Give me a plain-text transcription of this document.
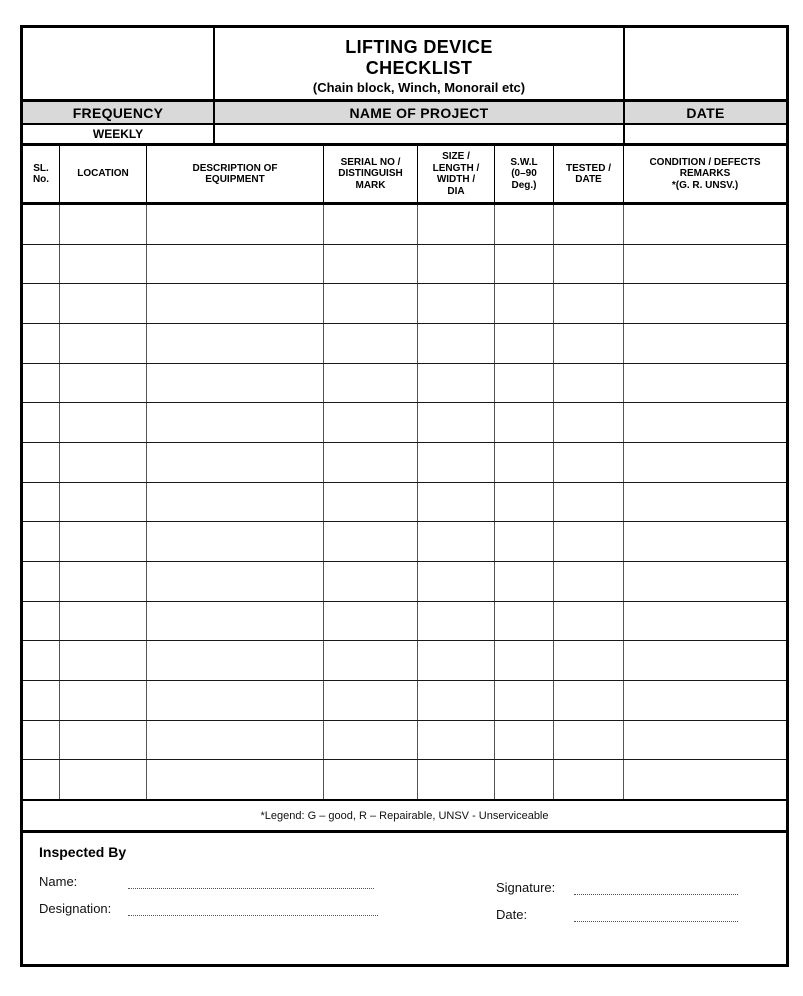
LIFTING DEVICE
CHECKLIST
(Chain block, Winch, Monorail etc)
FREQUENCY	NAME OF PROJECT	DATE
WEEKLY
SL.
No.
LOCATION
DESCRIPTION OF
EQUIPMENT
SERIAL NO /
DISTINGUISH
MARK
SIZE /
LENGTH /
WIDTH /
DIA
S.W.L
(0–90
Deg.)
TESTED /
DATE
CONDITION / DEFECTS
REMARKS
*(G. R. UNSV.)
*Legend: G – good, R – Repairable, UNSV - Unserviceable
Inspected By
Name:
Designation:
Signature:
Date:
